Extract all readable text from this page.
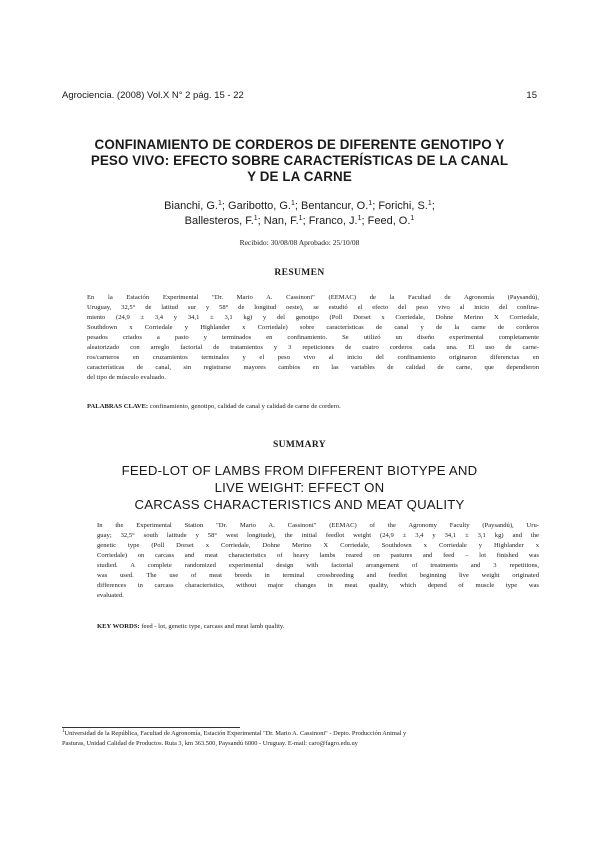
Agrociencia. (2008) Vol.X N° 2 pág. 15 - 22	15
CONFINAMIENTO DE CORDEROS DE DIFERENTE GENOTIPO Y
PESO VIVO: EFECTO SOBRE CARACTERÍSTICAS DE LA CANAL
Y DE LA CARNE
Bianchi, G.$^1$; Garibotto, G.$^1$; Bentancur, O.$^1$; Forichi, S.$^1$;
Ballesteros, F.$^1$; Nan, F.$^1$; Franco, J.$^1$; Feed, O.$^1$
Recibido: 30/08/08 Aprobado: 25/10/08
RESUMEN
En la Estación Experimental "Dr. Mario A. Cassinoni" (EEMAC) de la Facultad de Agronomía (Paysandú),
Uruguay, 32,5° de latitud sur y 58° de longitud oeste), se estudió el efecto del peso vivo al inicio del confina-
miento (24,9 ± 3,4 y 34,1 ± 3,1 kg) y del genotipo (Poll Dorset x Corriedale, Dohne Merino X Corriedale,
Southdown x Corriedale y Highlander x Corriedale) sobre características de canal y de la carne de corderos
pesados criados a pasto y terminados en confinamiento. Se utilizó un diseño experimental completamente
aleatorizado con arreglo factorial de tratamientos y 3 repeticiones de cuatro corderos cada una. El uso de carne-
ros/carneros en cruzamientos terminales y el peso vivo al inicio del confinamiento originaron diferencias en
características de canal, sin registrarse mayores cambios en las variables de calidad de carne, que dependieron
del tipo de músculo evaluado.
PALABRAS CLAVE: confinamiento, genotipo, calidad de canal y calidad de carne de cordero.
SUMMARY
FEED-LOT OF LAMBS FROM DIFFERENT BIOTYPE AND
LIVE WEIGHT: EFFECT ON
CARCASS CHARACTERISTICS AND MEAT QUALITY
In the Experimental Station "Dr. Mario A. Cassinoni" (EEMAC) of the Agronomy Faculty (Paysandú), Uru-
guay; 32,5° south latitude y 58° west longitude), the initial feedlot weight (24,9 ± 3,4 y 34,1 ± 3,1 kg) and the
genetic type (Poll Dorset x Corriedale, Dohne Merino X Corriedale, Southdown x Corriedale y Highlander x
Corriedale) on carcass and meat characteristics of heavy lambs reared on pastures and feed – lot finished was
studied. A complete randomized experimental design with factorial arrangement of treatments and 3 repetitions,
was used. The use of meat breeds in terminal crossbreeding and feedlot beginning live weight originated
differences in carcass characteristics, without major changes in meat quality, which depend of muscle type was
evaluated.
KEY WORDS: feed - lot, genetic type, carcass and meat lamb quality.
$^1$Universidad de la República, Facultad de Agronomía, Estación Experimental "Dr. Mario A. Cassinoni" - Depto. Producción Animal y
Pasturas, Unidad Calidad de Productos. Ruta 3, km 363.500, Paysandú 6000 - Uruguay. E-mail: caro@fagro.edu.uy
